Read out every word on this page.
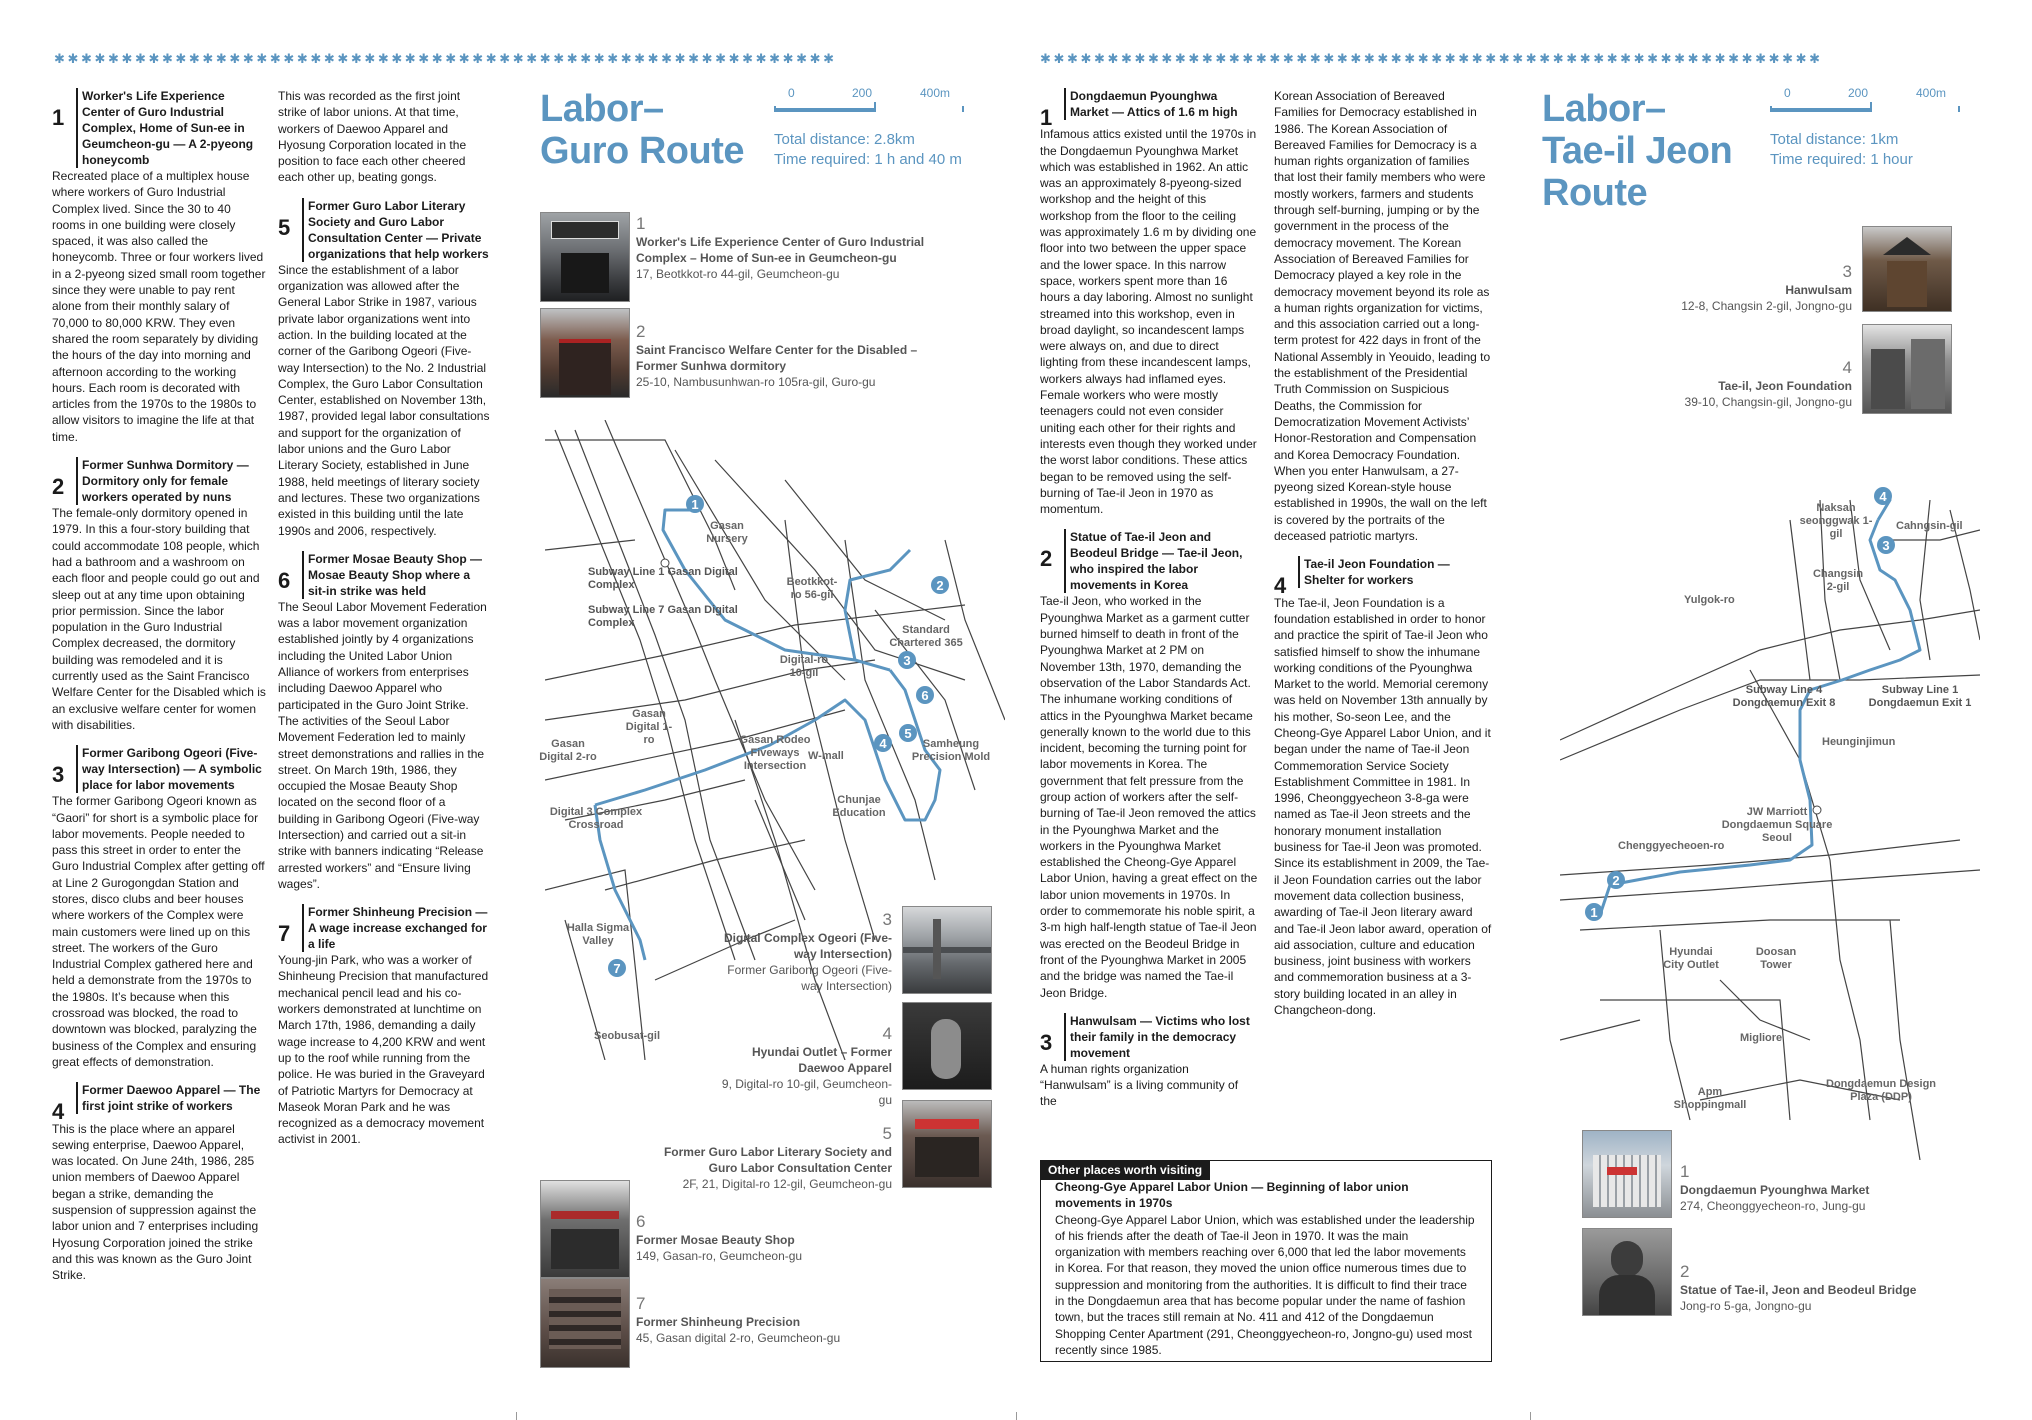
✱✱✱✱✱✱✱✱✱✱✱✱✱✱✱✱✱✱✱✱✱✱✱✱✱✱✱✱✱✱✱✱✱✱✱✱✱✱✱✱✱✱✱✱✱✱✱✱✱✱✱✱✱✱✱✱✱✱	✱✱✱✱✱✱✱✱✱✱✱✱✱✱✱✱✱✱✱✱✱✱✱✱✱✱✱✱✱✱✱✱✱✱✱✱✱✱✱✱✱✱✱✱✱✱✱✱✱✱✱✱✱✱✱✱✱✱
1
Worker's Life Experience Center of Guro Industrial Complex, Home of Sun-ee in Geumcheon-gu — A 2-pyeong honeycomb

Recreated place of a multiplex house where workers of Guro Industrial Complex lived. Since the 30 to 40 rooms in one building were closely spaced, it was also called the honeycomb. Three or four workers lived in a 2-pyeong sized small room together since they were unable to pay rent alone from their monthly salary of 70,000 to 80,000 KRW. They even shared the room separately by dividing the hours of the day into morning and afternoon according to the working hours. Each room is decorated with articles from the 1970s to the 1980s to allow visitors to imagine the life at that time.

2
Former Sunhwa Dormitory — Dormitory only for female workers operated by nuns

The female-only dormitory opened in 1979. In this a four-story building that could accommodate 108 people, which had a bathroom and a washroom on each floor and people could go out and sleep out at any time upon obtaining prior permission. Since the labor population in the Guro Industrial Complex decreased, the dormitory building was remodeled and it is currently used as the Saint Francisco Welfare Center for the Disabled which is an exclusive welfare center for women with disabilities.

3
Former Garibong Ogeori (Five-way Intersection) — A symbolic place for labor movements

The former Garibong Ogeori known as “Gaori” for short is a symbolic place for labor movements. People needed to pass this street in order to enter the Guro Industrial Complex after getting off at Line 2 Gurogongdan Station and stores, disco clubs and beer houses where workers of the Complex were main customers were lined up on this street. The workers of the Guro Industrial Complex gathered here and held a demonstrate from the 1970s to the 1980s. It’s because when this crossroad was blocked, the road to downtown was blocked, paralyzing the business of the Complex and ensuring great effects of demonstration.

4
Former Daewoo Apparel — The first joint strike of workers

This is the place where an apparel sewing enterprise, Daewoo Apparel, was located. On June 24th, 1986, 285 union members of Daewoo Apparel began a strike, demanding the suspension of suppression against the labor union and 7 enterprises including Hyosung Corporation joined the strike and this was known as the Guro Joint Strike.

This was recorded as the first joint strike of labor unions. At that time, workers of Daewoo Apparel and Hyosung Corporation located in the position to face each other cheered each other up, beating gongs.

5
Former Guro Labor Literary Society and Guro Labor Consultation Center — Private organizations that help workers

Since the establishment of a labor organization was allowed after the General Labor Strike in 1987, various private labor organizations went into action. In the building located at the corner of the Garibong Ogeori (Five-way Intersection) to the No. 2 Industrial Complex, the Guro Labor Consultation Center, established on November 13th, 1987, provided legal labor consultations and support for the organization of labor unions and the Guro Labor Literary Society, established in June 1988, held meetings of literary society and lectures. These two organizations existed in this building until the late 1990s and 2006, respectively.

6
Former Mosae Beauty Shop — Mosae Beauty Shop where a sit-in strike was held

The Seoul Labor Movement Federation was a labor movement organization established jointly by 4 organizations including the United Labor Union Alliance of workers from enterprises including Daewoo Apparel who participated in the Guro Joint Strike. The activities of the Seoul Labor Movement Federation led to mainly street demonstrations and rallies in the street. On March 19th, 1986, they occupied the Mosae Beauty Shop located on the second floor of a building in Garibong Ogeori (Five-way Intersection) and carried out a sit-in strike with banners indicating “Release arrested workers” and “Ensure living wages”.

7
Former Shinheung Precision — A wage increase exchanged for a life

Young-jin Park, who was a worker of Shinheung Precision that manufactured mechanical pencil lead and his co-workers demonstrated at lunchtime on March 17th, 1986, demanding a daily wage increase to 4,200 KRW and went up to the roof while running from the police. He was buried in the Graveyard of Patriotic Martyrs for Democracy at Maseok Moran Park and he was recognized as a democracy movement activist in 2001.

Labor–
Guro Route
0	200	400m
Total distance: 2.8km
Time required: 1 h and 40 m
1
Worker's Life Experience Center of Guro Industrial Complex – Home of Sun-ee in Geumcheon-gu
17, Beotkkot-ro 44-gil, Geumcheon-gu
2
Saint Francisco Welfare Center for the Disabled – Former Sunhwa dormitory
25-10, Nambusunhwan-ro 105ra-gil, Guro-gu
1
2
3
4
5
6
7
Gasan Nursery
Subway Line 1 Gasan Digital Complex
Subway Line 7 Gasan Digital Complex
Beotkkot-ro 56-gil
Standard Chartered 365
Digital-ro 10-gil
Gasan Digital 1-ro
Gasan Digital 2-ro
Gasan Rodeo Fiveways Intersection
W-mall
Samheung Precision Mold
Chunjae Education
Digital 3 Complex Crossroad
Halla Sigma Valley
Seobusat-gil
3
Digital Complex Ogeori (Five-way Intersection)
Former Garibong Ogeori (Five-way Intersection)
4
Hyundai Outlet – Former Daewoo Apparel
9, Digital-ro 10-gil, Geumcheon-gu
5
Former Guro Labor Literary Society and Guro Labor Consultation Center
2F, 21, Digital-ro 12-gil, Geumcheon-gu
6
Former Mosae Beauty Shop
149, Gasan-ro, Geumcheon-gu
7
Former Shinheung Precision
45, Gasan digital 2-ro, Geumcheon-gu
1
Dongdaemun Pyounghwa Market — Attics of 1.6 m high

Infamous attics existed until the 1970s in the Dongdaemun Pyounghwa Market which was established in 1962. An attic was an approximately 8-pyeong-sized workshop and the height of this workshop from the floor to the ceiling was approximately 1.6 m by dividing one floor into two between the upper space and the lower space. In this narrow space, workers spent more than 16 hours a day laboring. Almost no sunlight streamed into this workshop, even in broad daylight, so incandescent lamps were always on, and due to direct lighting from these incandescent lamps, workers always had inflamed eyes. Female workers who were mostly teenagers could not even consider uniting each other for their rights and interests even though they worked under the worst labor conditions. These attics began to be removed using the self-burning of Tae-il Jeon in 1970 as momentum.

2
Statue of Tae-il Jeon and Beodeul Bridge — Tae-il Jeon, who inspired the labor movements in Korea

Tae-il Jeon, who worked in the Pyounghwa Market as a garment cutter burned himself to death in front of the Pyounghwa Market at 2 PM on November 13th, 1970, demanding the observation of the Labor Standards Act. The inhumane working conditions of attics in the Pyounghwa Market became generally known to the world due to this incident, becoming the turning point for labor movements in Korea. The government that felt pressure from the group action of workers after the self-burning of Tae-il Jeon removed the attics in the Pyounghwa Market and the workers in the Pyounghwa Market established the Cheong-Gye Apparel Labor Union, having a great effect on the labor union movements in 1970s. In order to commemorate his noble spirit, a 3-m high half-length statue of Tae-il Jeon was erected on the Beodeul Bridge in front of the Pyounghwa Market in 2005 and the bridge was named the Tae-il Jeon Bridge.

3
Hanwulsam — Victims who lost their family in the democracy movement

A human rights organization “Hanwulsam” is a living community of the

Korean Association of Bereaved Families for Democracy established in 1986. The Korean Association of Bereaved Families for Democracy is a human rights organization of families that lost their family members who were mostly workers, farmers and students through self-burning, jumping or by the government in the process of the democracy movement. The Korean Association of Bereaved Families for Democracy played a key role in the democracy movement beyond its role as a human rights organization for victims, and this association carried out a long-term protest for 422 days in front of the National Assembly in Yeouido, leading to the establishment of the Presidential Truth Commission on Suspicious Deaths, the Commission for Democratization Movement Activists’ Honor-Restoration and Compensation and Korea Democracy Foundation. When you enter Hanwulsam, a 27-pyeong sized Korean-style house established in 1990s, the wall on the left is covered by the portraits of the deceased patriotic martyrs.

4
Tae-il Jeon Foundation — Shelter for workers

The Tae-il, Jeon Foundation is a foundation established in order to honor and practice the spirit of Tae-il Jeon who satisfied himself to show the inhumane working conditions of the Pyounghwa Market to the world. Memorial ceremony was held on November 13th annually by his mother, So-seon Lee, and the Cheong-Gye Apparel Labor Union, and it began under the name of Tae-il Jeon Commemoration Service Society Establishment Committee in 1981. In 1996, Cheonggyecheon 3-8-ga were named as Tae-il Jeon streets and the honorary monument installation business for Tae-il Jeon was promoted. Since its establishment in 2009, the Tae-il Jeon Foundation carries out the labor movement data collection business, awarding of Tae-il Jeon literary award and Tae-il Jeon labor award, operation of aid association, culture and education business, joint business with workers and commemoration business at a 3-story building located in an alley in Changcheon-dong.

Other places worth visiting
Cheong-Gye Apparel Labor Union — Beginning of labor union movements in 1970s
Cheong-Gye Apparel Labor Union, which was established under the leadership of his friends after the death of Tae-il Jeon in 1970. It was the main organization with members reaching over 6,000 that led the labor movements in Korea. For that reason, they moved the union office numerous times due to suppression and monitoring from the authorities. It is difficult to find their trace in the Dongdaemun area that has become popular under the name of fashion town, but the traces still remain at No. 411 and 412 of the Dongdaemun Shopping Center Apartment (291, Cheonggyecheon-ro, Jongno-gu) used most recently since 1985.
Labor–
Tae-il Jeon
Route
0	200	400m
Total distance: 1km
Time required: 1 hour
3
Hanwulsam
12-8, Changsin 2-gil, Jongno-gu
4
Tae-il, Jeon Foundation
39-10, Changsin-gil, Jongno-gu
1
2
3
4
Naksan seonggwak 1-gil
Cahngsin-gil
Changsin 2-gil
Yulgok-ro
Subway Line 4 Dongdaemun Exit 8
Subway Line 1 Dongdaemun Exit 1
Heunginjimun
JW Marriott Dongdaemun Square Seoul
Chenggyecheoen-ro
Hyundai City Outlet
Doosan Tower
Migliore
Apm Shoppingmall
Dongdaemun Design Plaza (DDP)
1
Dongdaemun Pyounghwa Market
274, Cheonggyecheon-ro, Jung-gu
2
Statue of Tae-il, Jeon and Beodeul Bridge
Jong-ro 5-ga, Jongno-gu
